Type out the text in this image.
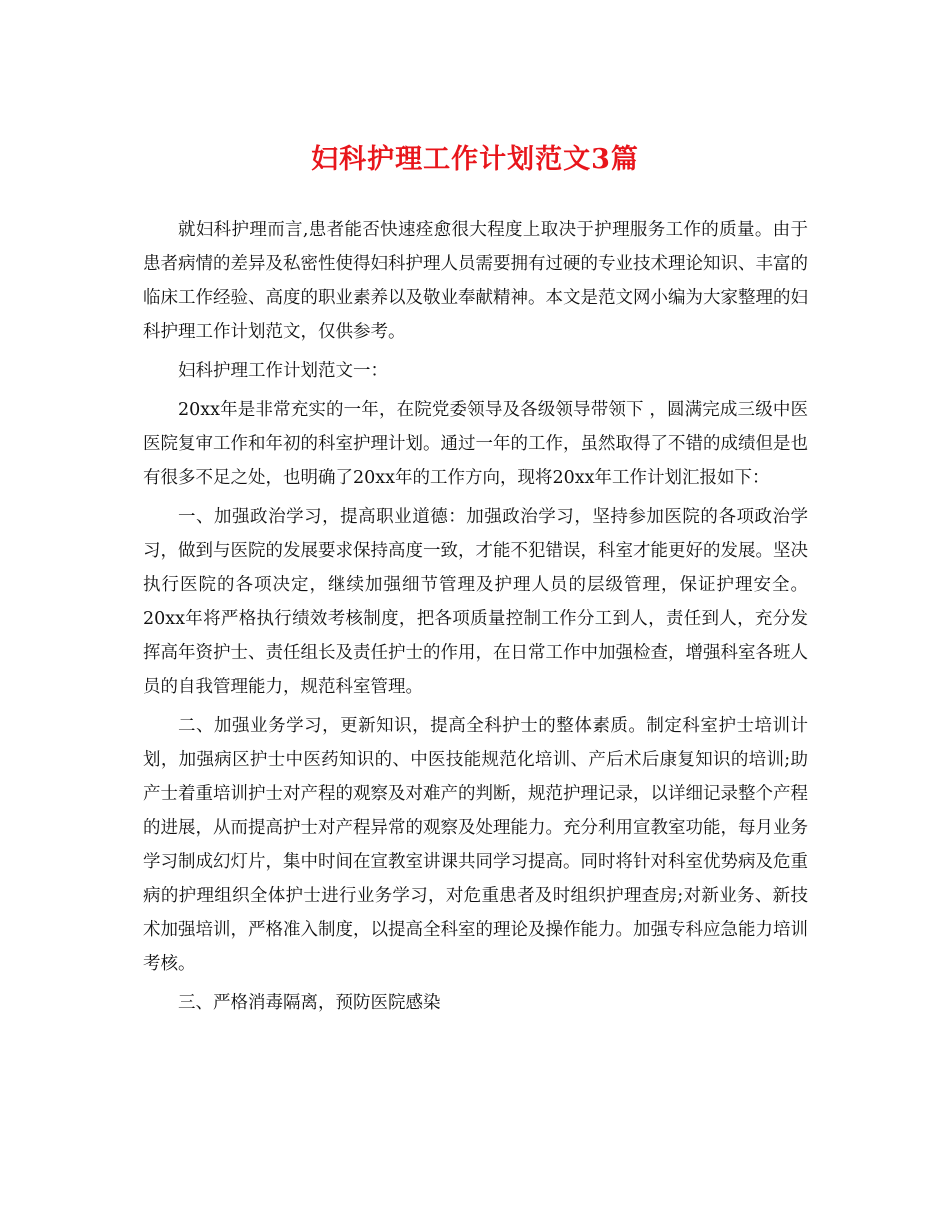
妇科护理工作计划范文3篇

就妇科护理而言,患者能否快速痊愈很大程度上取决于护理服务工作的质量。由于患者病情的差异及私密性使得妇科护理人员需要拥有过硬的专业技术理论知识、丰富的临床工作经验、高度的职业素养以及敬业奉献精神。本文是范文网小编为大家整理的妇科护理工作计划范文，仅供参考。

妇科护理工作计划范文一：

20xx年是非常充实的一年，在院党委领导及各级领导带领下 ，圆满完成三级中医医院复审工作和年初的科室护理计划。通过一年的工作，虽然取得了不错的成绩但是也有很多不足之处，也明确了20xx年的工作方向，现将20xx年工作计划汇报如下：

一、加强政治学习，提高职业道德：加强政治学习，坚持参加医院的各项政治学习，做到与医院的发展要求保持高度一致，才能不犯错误，科室才能更好的发展。坚决执行医院的各项决定，继续加强细节管理及护理人员的层级管理，保证护理安全。20xx年将严格执行绩效考核制度，把各项质量控制工作分工到人，责任到人，充分发挥高年资护士、责任组长及责任护士的作用，在日常工作中加强检查，增强科室各班人员的自我管理能力，规范科室管理。

二、加强业务学习，更新知识，提高全科护士的整体素质。制定科室护士培训计划，加强病区护士中医药知识的、中医技能规范化培训、产后术后康复知识的培训;助产士着重培训护士对产程的观察及对难产的判断，规范护理记录，以详细记录整个产程的进展，从而提高护士对产程异常的观察及处理能力。充分利用宣教室功能，每月业务学习制成幻灯片，集中时间在宣教室讲课共同学习提高。同时将针对科室优势病及危重病的护理组织全体护士进行业务学习，对危重患者及时组织护理查房;对新业务、新技术加强培训，严格准入制度，以提高全科室的理论及操作能力。加强专科应急能力培训考核。

三、严格消毒隔离，预防医院感染
